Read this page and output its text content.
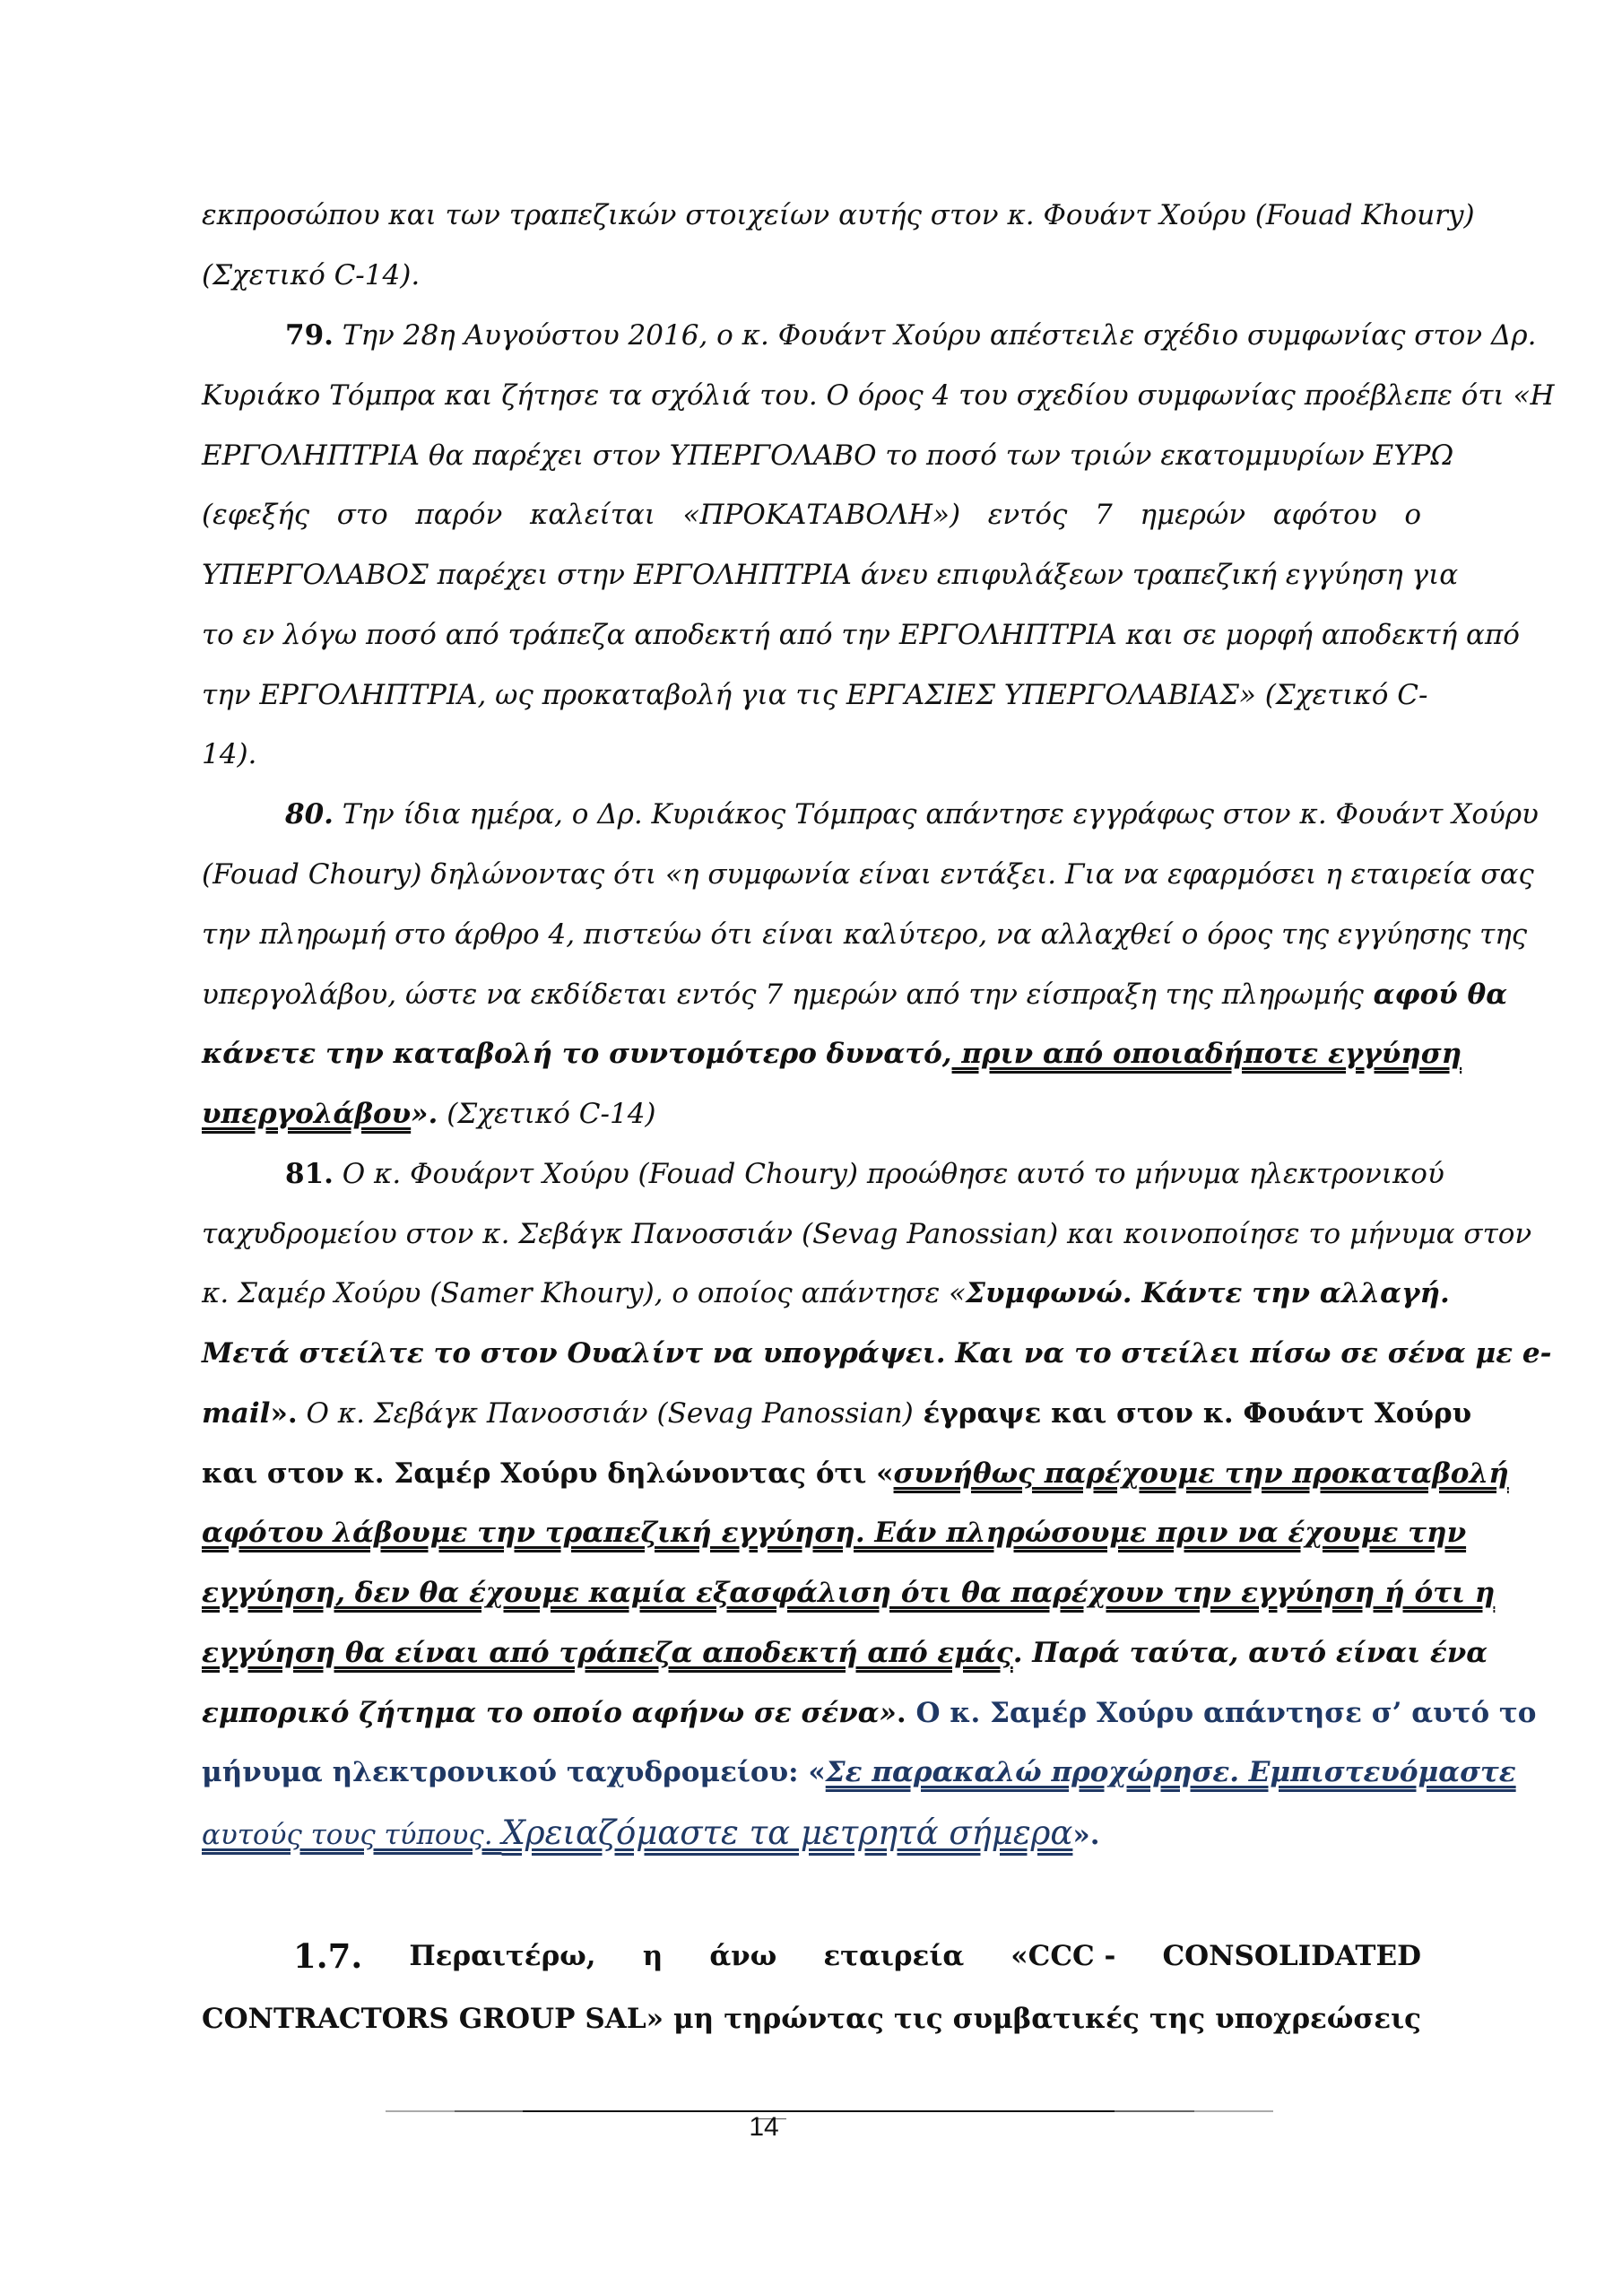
εκπροσώπου και των τραπεζικών στοιχείων αυτής στον κ. Φουάντ Χούρυ (Fouad Khoury)
(Σχετικό C-14).
79. Την 28η Αυγούστου 2016, ο κ. Φουάντ Χούρυ απέστειλε σχέδιο συμφωνίας στον Δρ.
Κυριάκο Τόμπρα και ζήτησε τα σχόλιά του. Ο όρος 4 του σχεδίου συμφωνίας προέβλεπε ότι «Η
ΕΡΓΟΛΗΠΤΡΙΑ θα παρέχει στον ΥΠΕΡΓΟΛΑΒΟ το ποσό των τριών εκατομμυρίων ΕΥΡΩ
(εφεξής στο παρόν καλείται «ΠΡΟΚΑΤΑΒΟΛΗ») εντός 7 ημερών αφότου ο
ΥΠΕΡΓΟΛΑΒΟΣ παρέχει στην ΕΡΓΟΛΗΠΤΡΙΑ άνευ επιφυλάξεων τραπεζική εγγύηση για
το εν λόγω ποσό από τράπεζα αποδεκτή από την ΕΡΓΟΛΗΠΤΡΙΑ και σε μορφή αποδεκτή από
την ΕΡΓΟΛΗΠΤΡΙΑ, ως προκαταβολή για τις ΕΡΓΑΣΙΕΣ ΥΠΕΡΓΟΛΑΒΙΑΣ» (Σχετικό C-
14).
80. Την ίδια ημέρα, ο Δρ. Κυριάκος Τόμπρας απάντησε εγγράφως στον κ. Φουάντ Χούρυ
(Fouad Choury) δηλώνοντας ότι «η συμφωνία είναι εντάξει. Για να εφαρμόσει η εταιρεία σας
την πληρωμή στο άρθρο 4, πιστεύω ότι είναι καλύτερο, να αλλαχθεί ο όρος της εγγύησης της
υπεργολάβου, ώστε να εκδίδεται εντός 7 ημερών από την είσπραξη της πληρωμής αφού θα
κάνετε την καταβολή το συντομότερο δυνατό, πριν από οποιαδήποτε εγγύηση
υπεργολάβου». (Σχετικό C-14)
81. Ο κ. Φουάρντ Χούρυ (Fouad Choury) προώθησε αυτό το μήνυμα ηλεκτρονικού
ταχυδρομείου στον κ. Σεβάγκ Πανοσσιάν (Sevag Panossian) και κοινοποίησε το μήνυμα στον
κ. Σαμέρ Χούρυ (Samer Khoury), ο οποίος απάντησε «Συμφωνώ. Κάντε την αλλαγή.
Μετά στείλτε το στον Ουαλίντ να υπογράψει. Και να το στείλει πίσω σε σένα με e-
mail». Ο κ. Σεβάγκ Πανοσσιάν (Sevag Panossian) έγραψε και στον κ. Φουάντ Χούρυ
και στον κ. Σαμέρ Χούρυ δηλώνοντας ότι «συνήθως παρέχουμε την προκαταβολή
αφότου λάβουμε την τραπεζική εγγύηση. Εάν πληρώσουμε πριν να έχουμε την
εγγύηση, δεν θα έχουμε καμία εξασφάλιση ότι θα παρέχουν την εγγύηση ή ότι η
εγγύηση θα είναι από τράπεζα αποδεκτή από εμάς. Παρά ταύτα, αυτό είναι ένα
εμπορικό ζήτημα το οποίο αφήνω σε σένα». Ο κ. Σαμέρ Χούρυ απάντησε σ’ αυτό το
μήνυμα ηλεκτρονικού ταχυδρομείου: «Σε παρακαλώ προχώρησε. Εμπιστευόμαστε
αυτούς τους τύπους. Χρειαζόμαστε τα μετρητά σήμερα».
1.7. Περαιτέρω, η άνω εταιρεία «CCC - CONSOLIDATED
CONTRACTORS GROUP SAL» μη τηρώντας τις συμβατικές της υποχρεώσεις
14
